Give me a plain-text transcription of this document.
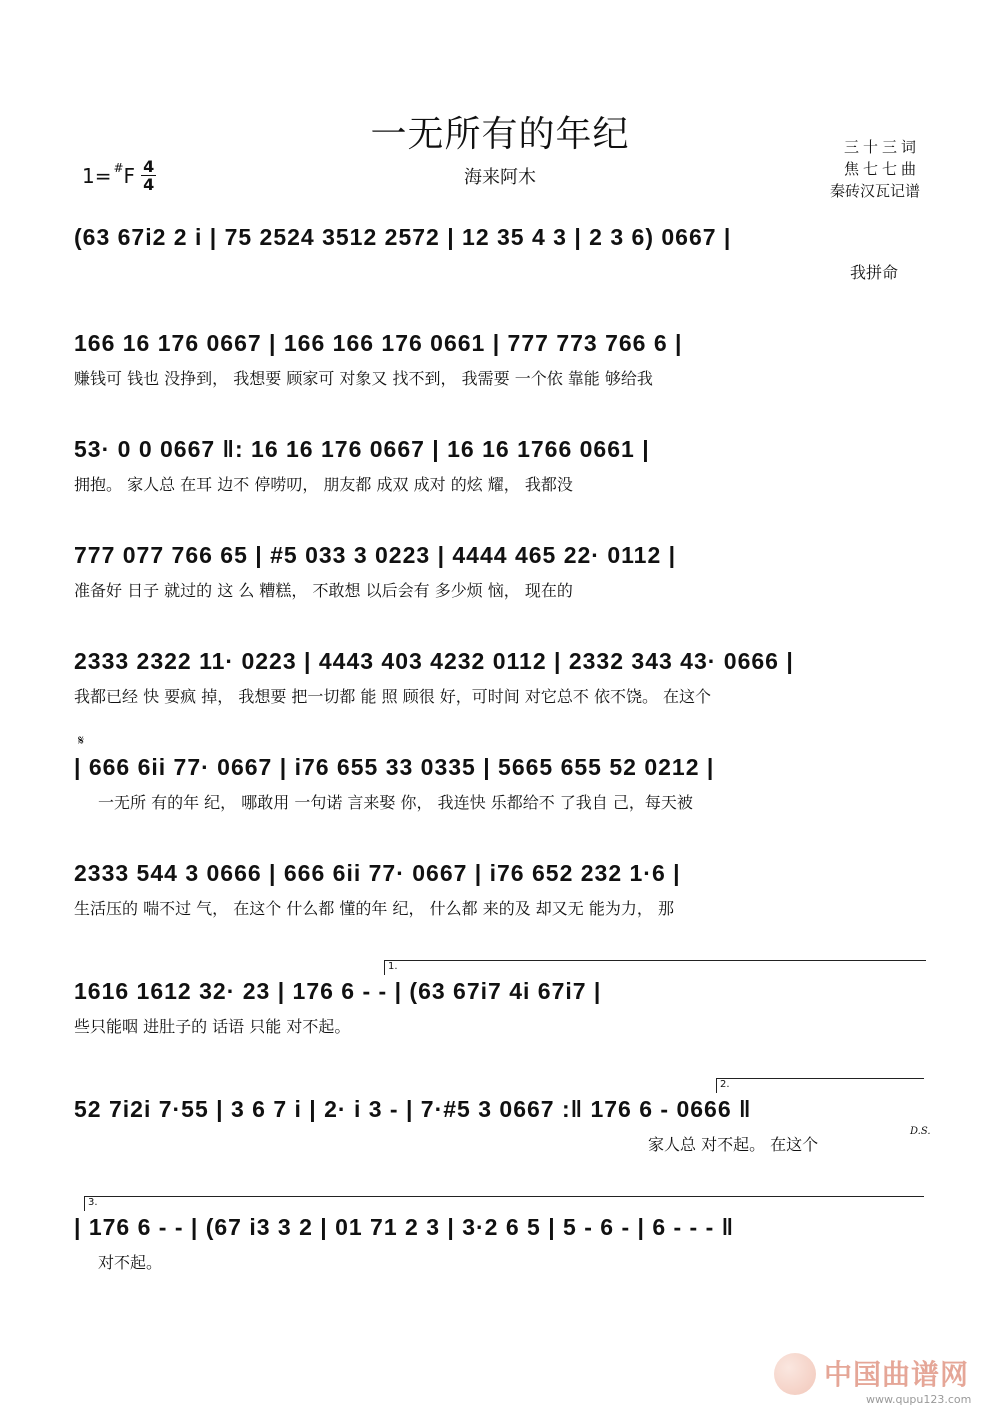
一无所有的年纪
海来阿木
1= # F $\frac{4}{4}$
三十三词
焦七七曲
秦砖汉瓦记谱
(63 67i2 2 i | 75 2524 3512 2572 | 12 35 4 3 | 2 3 6) 0667 |
我拼命
166 16 176 0667 | 166 166 176 0661 | 777 773 766 6 |
赚钱可 钱也 没挣到， 我想要 顾家可 对象又 找不到， 我需要 一个依 靠能 够给我
53· 0 0 0667 ‖: 16 16 176 0667 | 16 16 1766 0661 |
拥抱。 家人总 在耳 边不 停唠叨， 朋友都 成双 成对 的炫 耀， 我都没
777 077 766 65 | #5 033 3 0223 | 4444 465 22· 0112 |
准备好 日子 就过的 这 么 糟糕， 不敢想 以后会有 多少烦 恼， 现在的
2333 2322 11· 0223 | 4443 403 4232 0112 | 2332 343 43· 0666 |
我都已经 快 要疯 掉， 我想要 把一切都 能 照 顾很 好，可时间 对它总不 依不饶。 在这个
𝄋
| 666 6ii 77· 0667 | i76 655 33 0335 | 5665 655 52 0212 |
一无所 有的年 纪， 哪敢用 一句诺 言来娶 你， 我连快 乐都给不 了我自 己，每天被
2333 544 3 0666 | 666 6ii 77· 0667 | i76 652 232 1·6 |
生活压的 喘不过 气， 在这个 什么都 懂的年 纪， 什么都 来的及 却又无 能为力， 那
1.
1616 1612 32· 23 | 176 6 - - | (63 67i7 4i 67i7 |
些只能咽 进肚子的 话语 只能 对不起。
2.
52 7i2i 7·55 | 3 6 7 i | 2· i 3 - | 7·#5 3 0667 :‖ 176 6 - 0666 ‖
家人总 对不起。 在这个
D.S.
3.
| 176 6 - - | (67 i3 3 2 | 01 71 2 3 | 3·2 6 5 | 5 - 6 - | 6 - - - ‖
对不起。
中国曲谱网
www.qupu123.com
